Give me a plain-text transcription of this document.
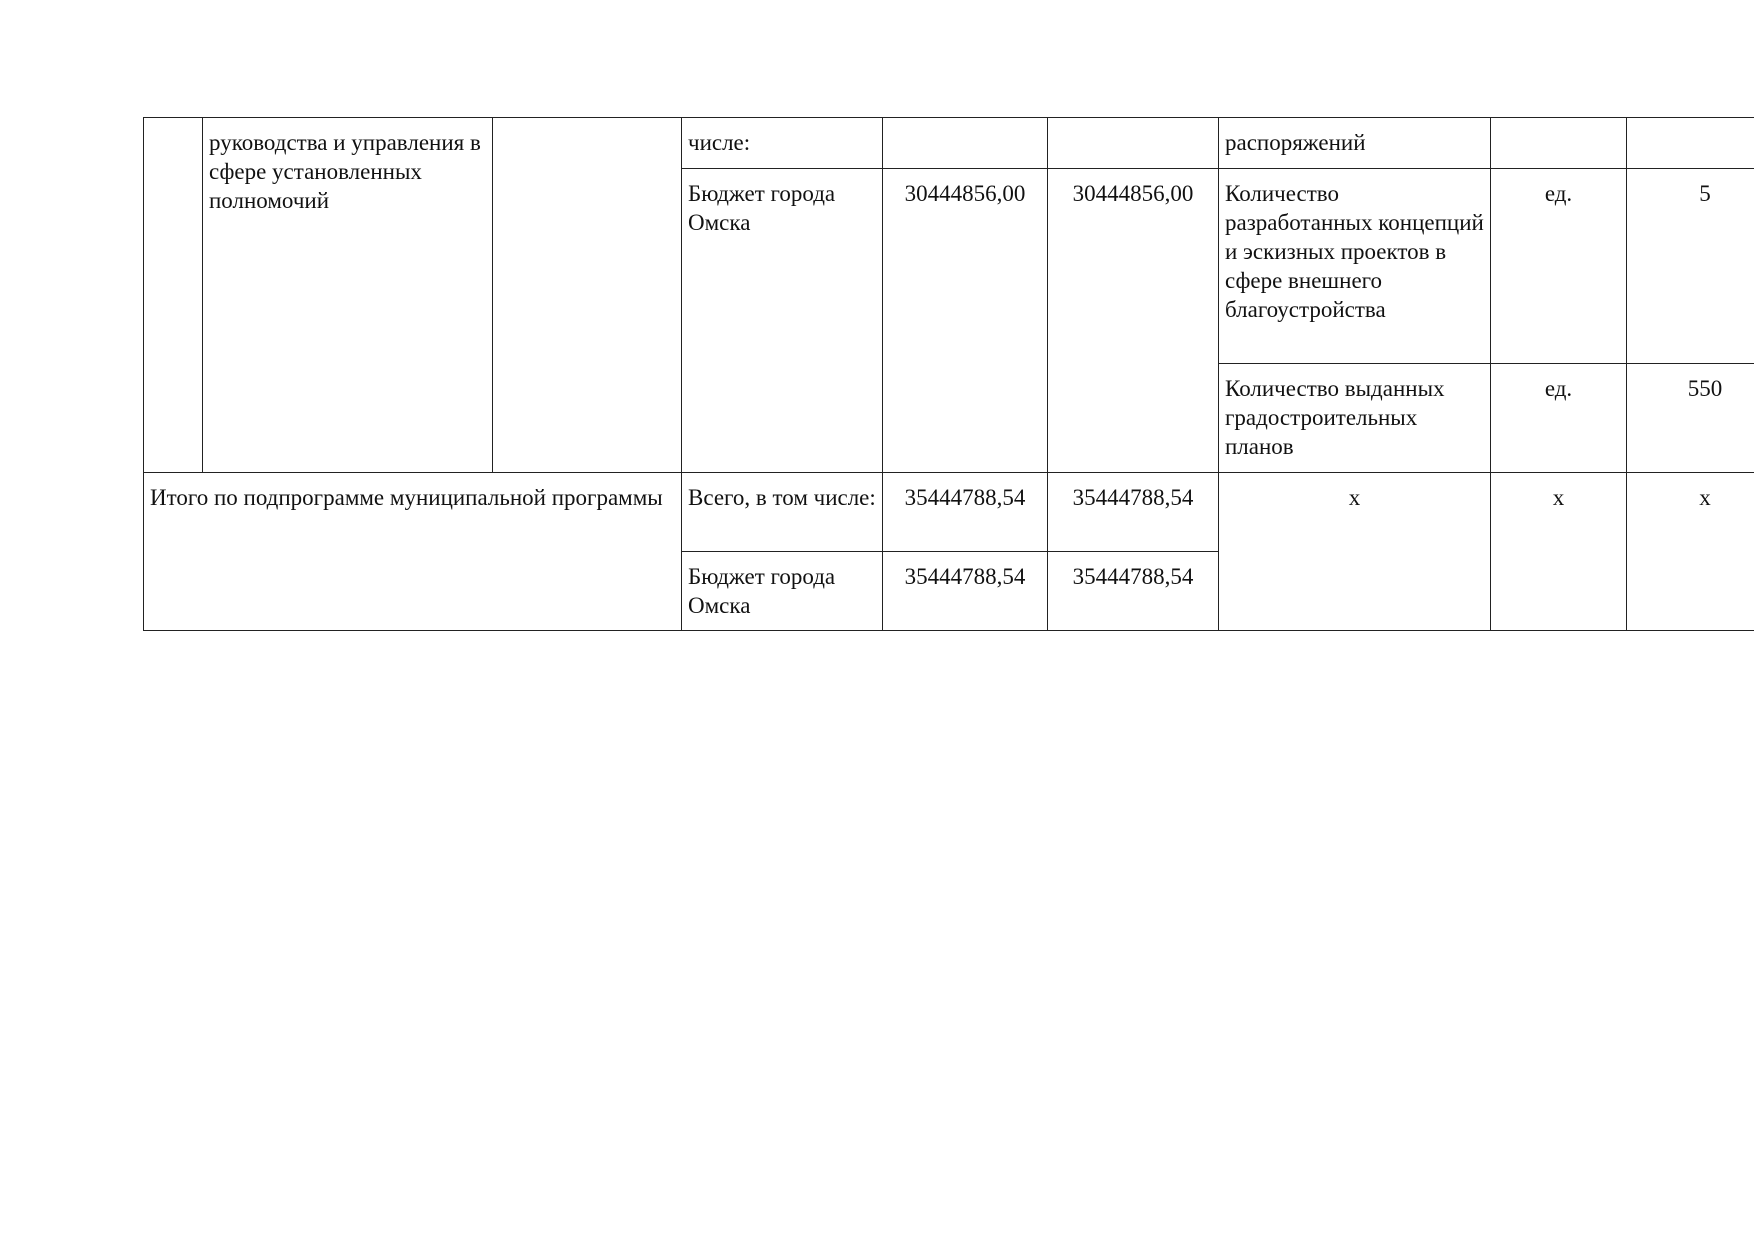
	руководства и управления в сфере установленных полномочий		числе:			распоряжений		
			Бюджет города Омска	30444856,00	30444856,00	Количество разработанных концепций и эскизных проектов в сфере внешнего благоустройства	ед.	5
						Количество выданных градостроительных планов	ед.	550
Итого по подпрограмме муниципальной программы			Всего, в том числе:	35444788,54	35444788,54	х	х	х
			Бюджет города Омска	35444788,54	35444788,54			
